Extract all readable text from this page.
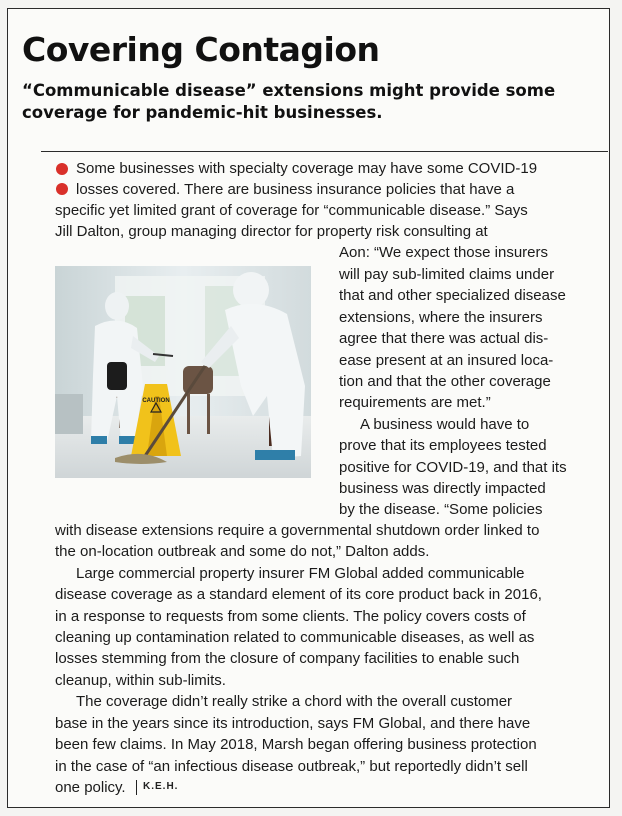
Covering Contagion
“Communicable disease” extensions might provide some
coverage for pandemic-hit businesses.
CAUTION
Some businesses with specialty coverage may have some COVID-19
losses covered. There are business insurance policies that have a
specific yet limited grant of coverage for “communicable disease.” Says
Jill Dalton, group managing director for property risk consulting at
Aon: “We expect those insurers
will pay sub-limited claims under
that and other specialized disease
extensions, where the insurers
agree that there was actual dis-
ease present at an insured loca-
tion and that the other coverage
requirements are met.”
A business would have to
prove that its employees tested
positive for COVID-19, and that its
business was directly impacted
by the disease. “Some policies
with disease extensions require a governmental shutdown order linked to
the on-location outbreak and some do not,” Dalton adds.
Large commercial property insurer FM Global added communicable
disease coverage as a standard element of its core product back in 2016,
in a response to requests from some clients. The policy covers costs of
cleaning up contamination related to communicable diseases, as well as
losses stemming from the closure of company facilities to enable such
cleanup, within sub-limits.
The coverage didn’t really strike a chord with the overall customer
base in the years since its introduction, says FM Global, and there have
been few claims. In May 2018, Marsh began offering business protection
in the case of “an infectious disease outbreak,” but reportedly didn’t sell
one policy. K.E.H.
